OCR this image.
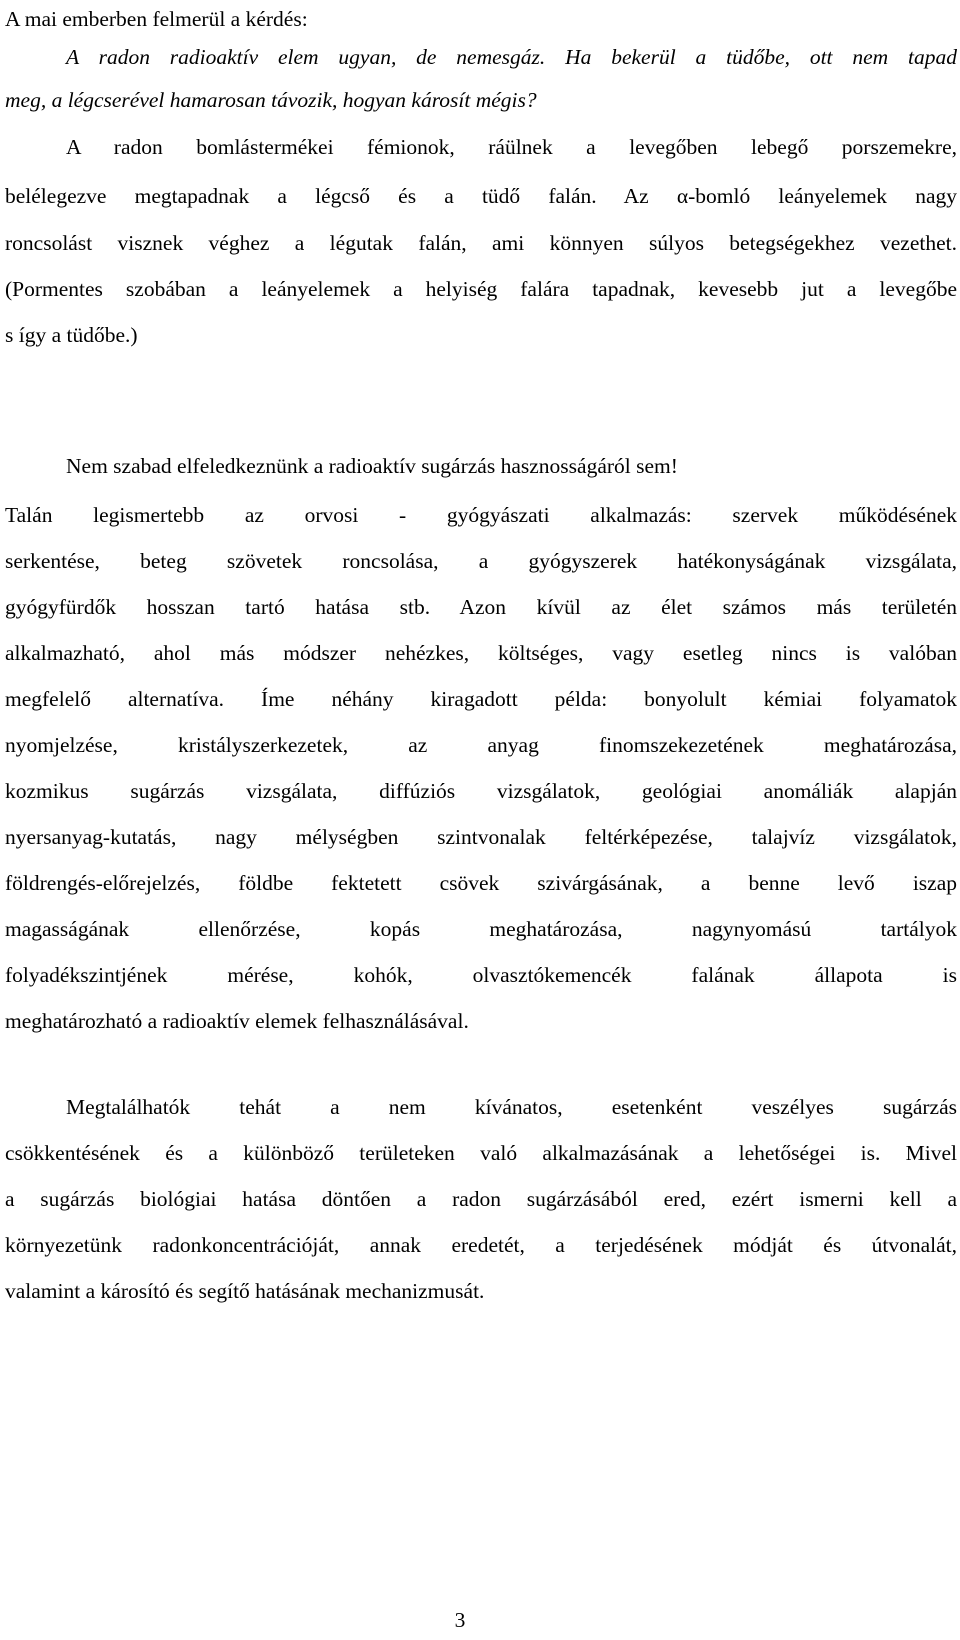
A mai emberben felmerül a kérdés:
A radon radioaktív elem ugyan, de nemesgáz. Ha bekerül a tüdőbe, ott nem tapad
meg, a légcserével hamarosan távozik, hogyan károsít mégis?
A radon bomlástermékei fémionok, ráülnek a levegőben lebegő porszemekre,
belélegezve megtapadnak a légcső és a tüdő falán. Az α-bomló leányelemek nagy
roncsolást visznek véghez a légutak falán, ami könnyen súlyos betegségekhez vezethet.
(Pormentes szobában a leányelemek a helyiség falára tapadnak, kevesebb jut a levegőbe
s így a tüdőbe.)
Nem szabad elfeledkeznünk a radioaktív sugárzás hasznosságáról sem!
Talán legismertebb az orvosi - gyógyászati alkalmazás: szervek működésének
serkentése, beteg szövetek roncsolása, a gyógyszerek hatékonyságának vizsgálata,
gyógyfürdők hosszan tartó hatása stb. Azon kívül az élet számos más területén
alkalmazható, ahol más módszer nehézkes, költséges, vagy esetleg nincs is valóban
megfelelő alternatíva. Íme néhány kiragadott példa: bonyolult kémiai folyamatok
nyomjelzése, kristályszerkezetek, az anyag finomszekezetének meghatározása,
kozmikus sugárzás vizsgálata, diffúziós vizsgálatok, geológiai anomáliák alapján
nyersanyag-kutatás, nagy mélységben szintvonalak feltérképezése, talajvíz vizsgálatok,
földrengés-előrejelzés, földbe fektetett csövek szivárgásának, a benne levő iszap
magasságának ellenőrzése, kopás meghatározása, nagynyomású tartályok
folyadékszintjének mérése, kohók, olvasztókemencék falának állapota is
meghatározható a radioaktív elemek felhasználásával.
Megtalálhatók tehát a nem kívánatos, esetenként veszélyes sugárzás
csökkentésének és a különböző területeken való alkalmazásának a lehetőségei is. Mivel
a sugárzás biológiai hatása döntően a radon sugárzásából ered, ezért ismerni kell a
környezetünk radonkoncentrációját, annak eredetét, a terjedésének módját és útvonalát,
valamint a károsító és segítő hatásának mechanizmusát.
3
